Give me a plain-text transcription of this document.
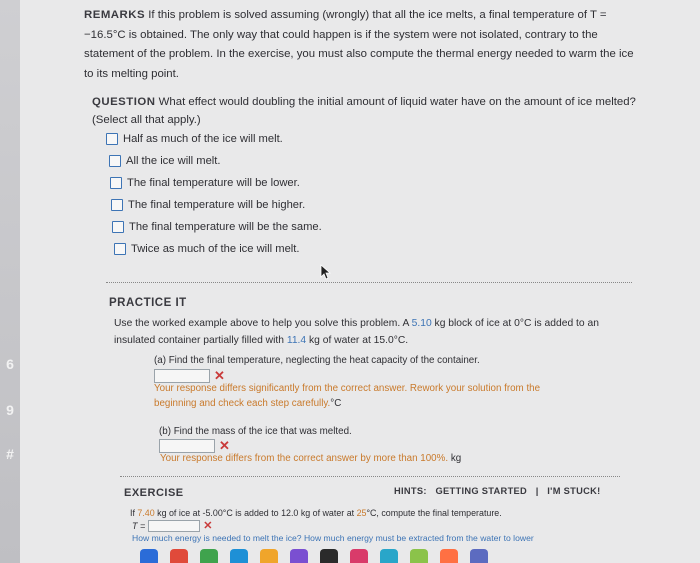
6
9
#
REMARKS If this problem is solved assuming (wrongly) that all the ice melts, a final temperature of T = −16.5°C is obtained. The only way that could happen is if the system were not isolated, contrary to the statement of the problem. In the exercise, you must also compute the thermal energy needed to warm the ice to its melting point.
QUESTION What effect would doubling the initial amount of liquid water have on the amount of ice melted? (Select all that apply.)
Half as much of the ice will melt.
All the ice will melt.
The final temperature will be lower.
The final temperature will be higher.
The final temperature will be the same.
Twice as much of the ice will melt.
PRACTICE IT
Use the worked example above to help you solve this problem. A 5.10 kg block of ice at 0°C is added to an insulated container partially filled with 11.4 kg of water at 15.0°C.
(a) Find the final temperature, neglecting the heat capacity of the container.
✕
Your response differs significantly from the correct answer. Rework your solution from the beginning and check each step carefully.°C
(b) Find the mass of the ice that was melted.
✕
Your response differs from the correct answer by more than 100%. kg
EXERCISE	HINTS: GETTING STARTED | I'M STUCK!
If 7.40 kg of ice at -5.00°C is added to 12.0 kg of water at 25°C, compute the final temperature.
T =	✕
How much energy is needed to melt the ice? How much energy must be extracted from the water to lower
